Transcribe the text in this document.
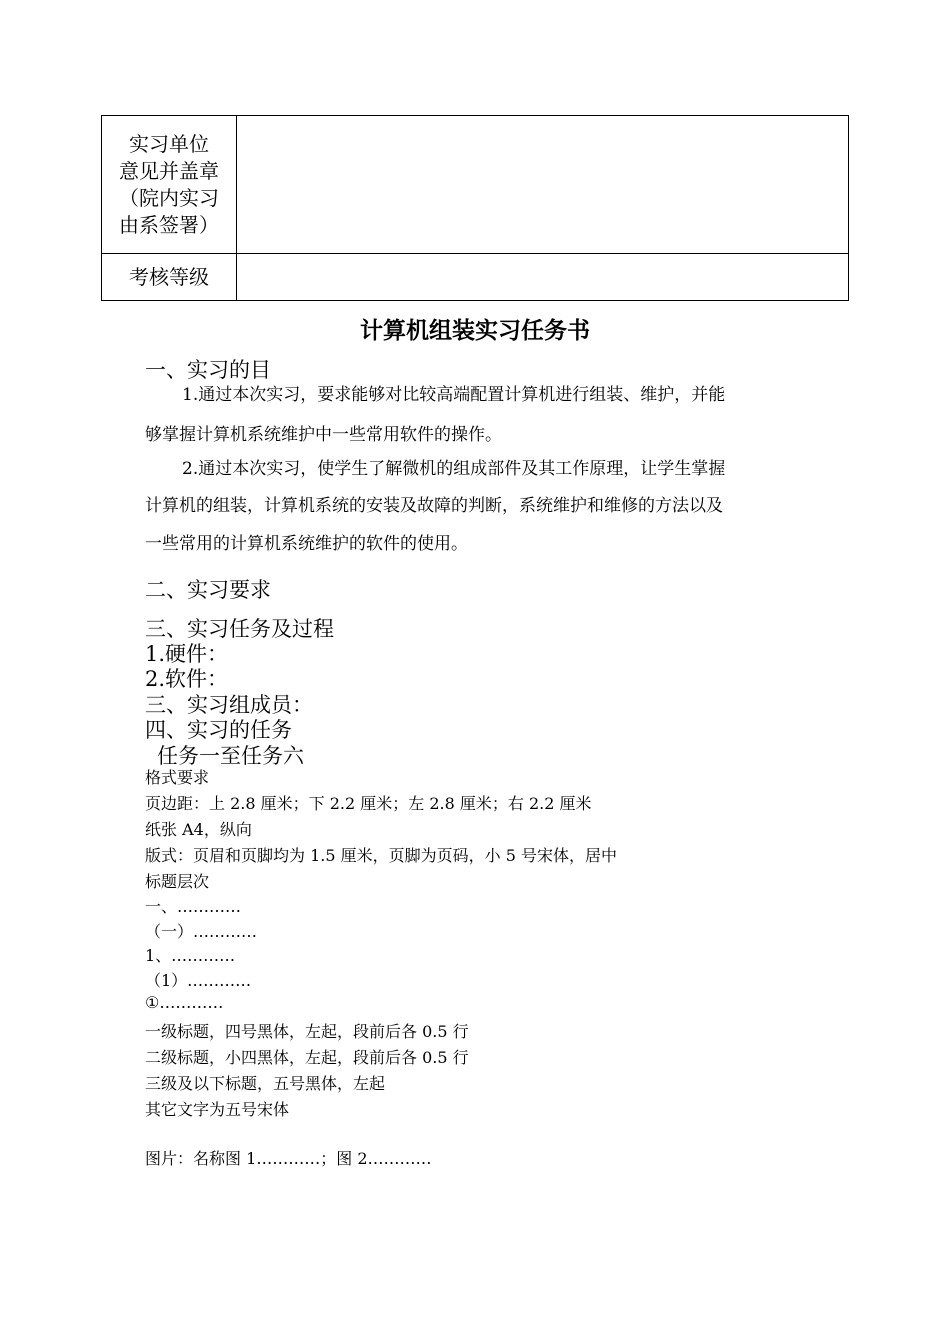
实习单位
意见并盖章
（院内实习
由系签署）	

考核等级	
计算机组装实习任务书
一、实习的目
1.通过本次实习，要求能够对比较高端配置计算机进行组装、维护，并能
够掌握计算机系统维护中一些常用软件的操作。
2.通过本次实习，使学生了解微机的组成部件及其工作原理，让学生掌握
计算机的组装，计算机系统的安装及故障的判断，系统维护和维修的方法以及
一些常用的计算机系统维护的软件的使用。
二、实习要求
三、实习任务及过程
1.硬件：
2.软件：
三、实习组成员：
四、实习的任务
任务一至任务六
格式要求
页边距：上 2.8 厘米；下 2.2 厘米；左 2.8 厘米；右 2.2 厘米
纸张 A4，纵向
版式：页眉和页脚均为 1.5 厘米，页脚为页码，小 5 号宋体，居中
标题层次
一、…………
（一）…………
1、…………
（1）…………
①…………
一级标题，四号黑体，左起，段前后各 0.5 行
二级标题，小四黑体，左起，段前后各 0.5 行
三级及以下标题，五号黑体，左起
其它文字为五号宋体
图片：名称图 1…………；图 2…………
